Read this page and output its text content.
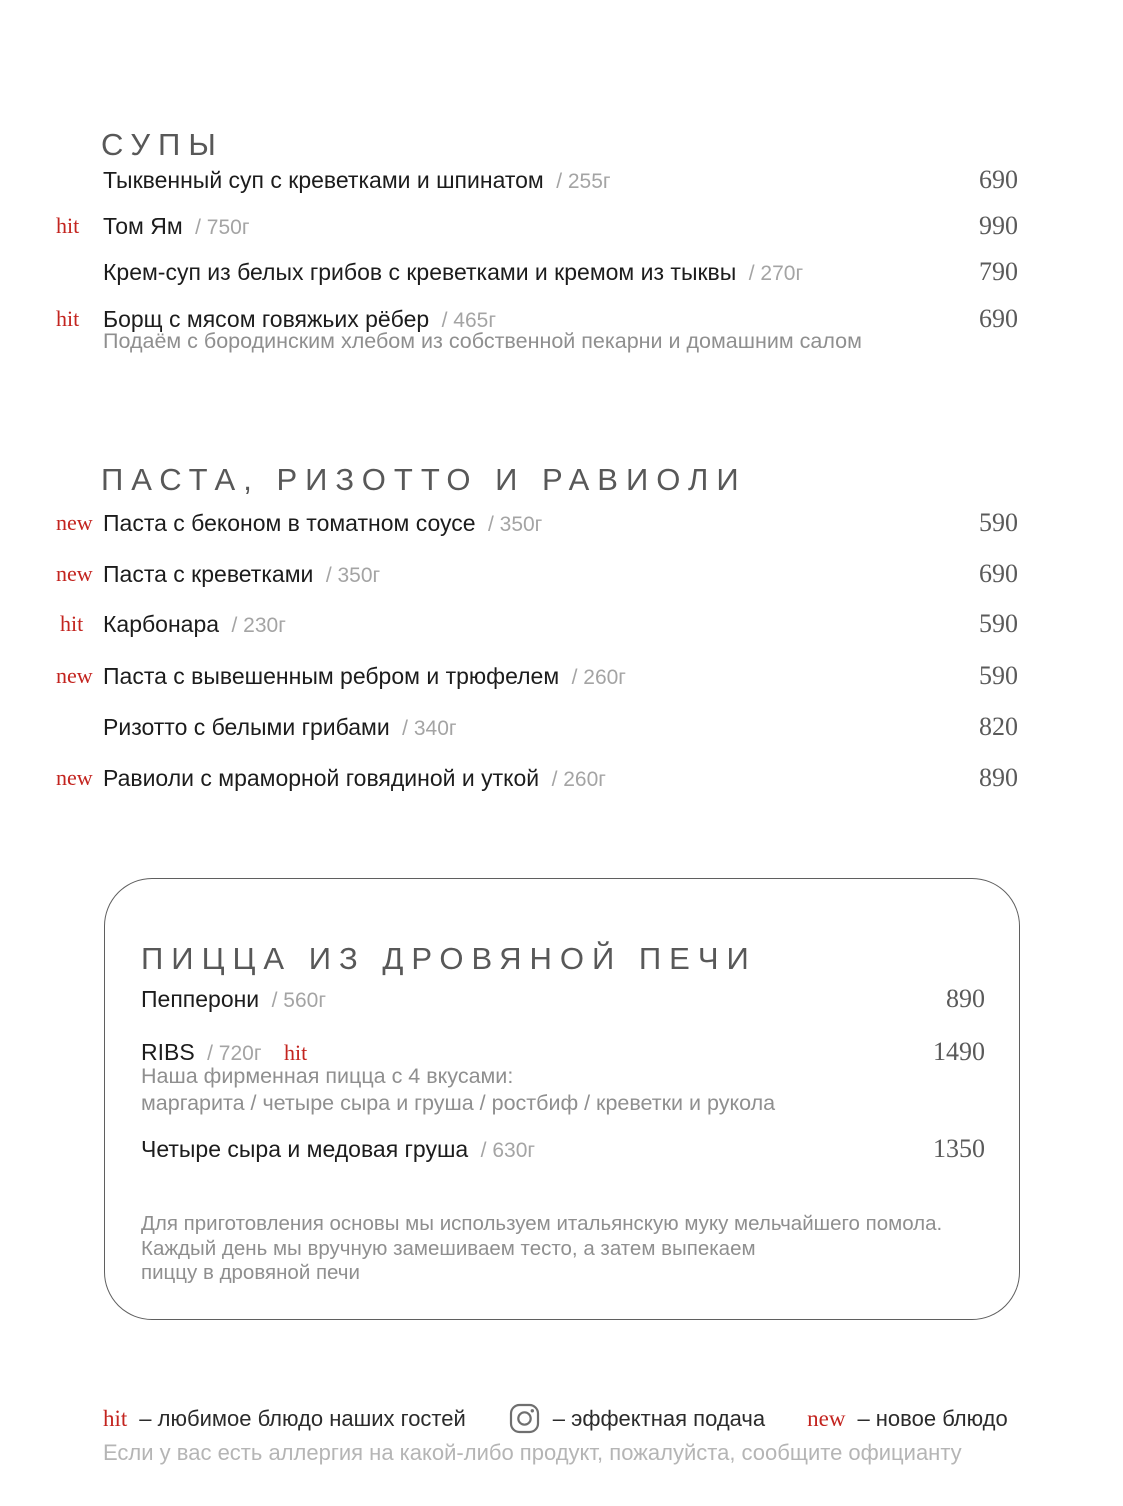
СУПЫ
Тыквенный суп с креветками и шпинатом / 255г	690
hit	Том Ям / 750г	990
Крем-суп из белых грибов с креветками и кремом из тыквы / 270г	790
hit	Борщ с мясом говяжьих рёбер / 465г	690
Подаём с бородинским хлебом из собственной пекарни и домашним салом
ПАСТА, РИЗОТТО И РАВИОЛИ
new Паста с беконом в томатном соусе / 350г	590
new Паста с креветками / 350г	690
hit Карбонара / 230г	590
new Паста с вывешенным ребром и трюфелем / 260г	590
Ризотто с белыми грибами / 340г	820
new Равиоли с мраморной говядиной и уткой / 260г	890
ПИЦЦА ИЗ ДРОВЯНОЙ ПЕЧИ
Пепперони / 560г	890
RIBS / 720г hit	1490
Наша фирменная пицца с 4 вкусами:
маргарита / четыре сыра и груша / ростбиф / креветки и рукола
Четыре сыра и медовая груша / 630г	1350
Для приготовления основы мы используем итальянскую муку мельчайшего помола.
Каждый день мы вручную замешиваем тесто, а затем выпекаем
пиццу в дровяной печи
hit – любимое блюдо наших гостей	– эффектная подача new – новое блюдо
Если у вас есть аллергия на какой-либо продукт, пожалуйста, сообщите официанту
